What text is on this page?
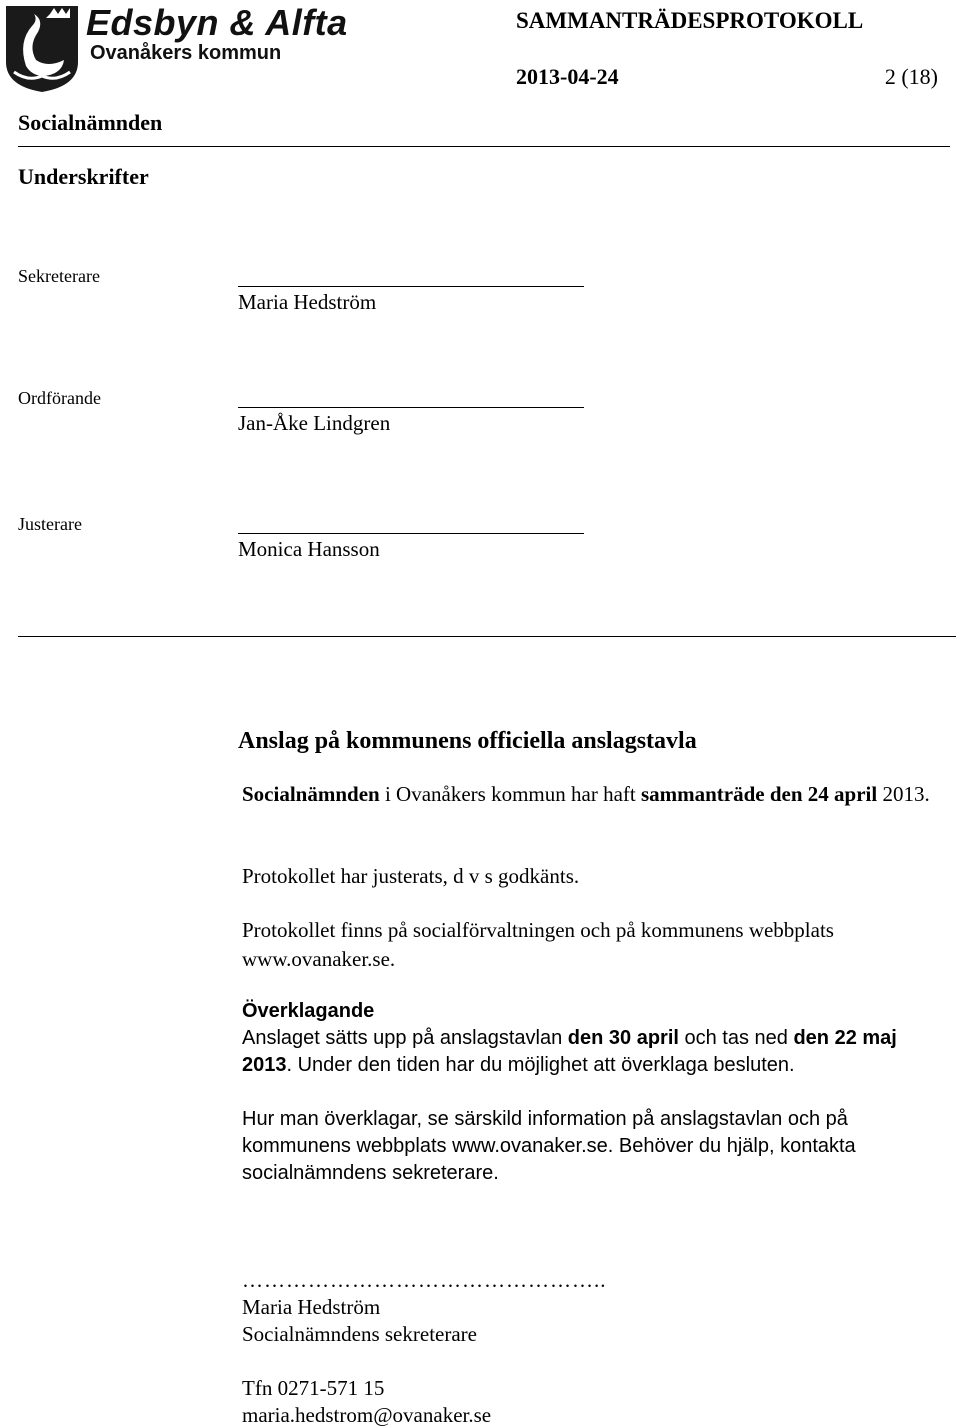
Edsbyn & Alfta
Ovanåkers kommun
SAMMANTRÄDESPROTOKOLL
2013-04-24	2 (18)
Socialnämnden
Underskrifter
Sekreterare
Maria Hedström
Ordförande
Jan-Åke Lindgren
Justerare
Monica Hansson
Anslag på kommunens officiella anslagstavla
Socialnämnden i Ovanåkers kommun har haft sammanträde den 24 april 2013.
Protokollet har justerats, d v s godkänts.
Protokollet finns på socialförvaltningen och på kommunens webbplats www.ovanaker.se.
Överklagande
Anslaget sätts upp på anslagstavlan den 30 april och tas ned den 22 maj 2013. Under den tiden har du möjlighet att överklaga besluten.
Hur man överklagar, se särskild information på anslagstavlan och på kommunens webbplats www.ovanaker.se. Behöver du hjälp, kontakta socialnämndens sekreterare.
…………………………………………..
Maria Hedström
Socialnämndens sekreterare
Tfn 0271-571 15
maria.hedstrom@ovanaker.se
